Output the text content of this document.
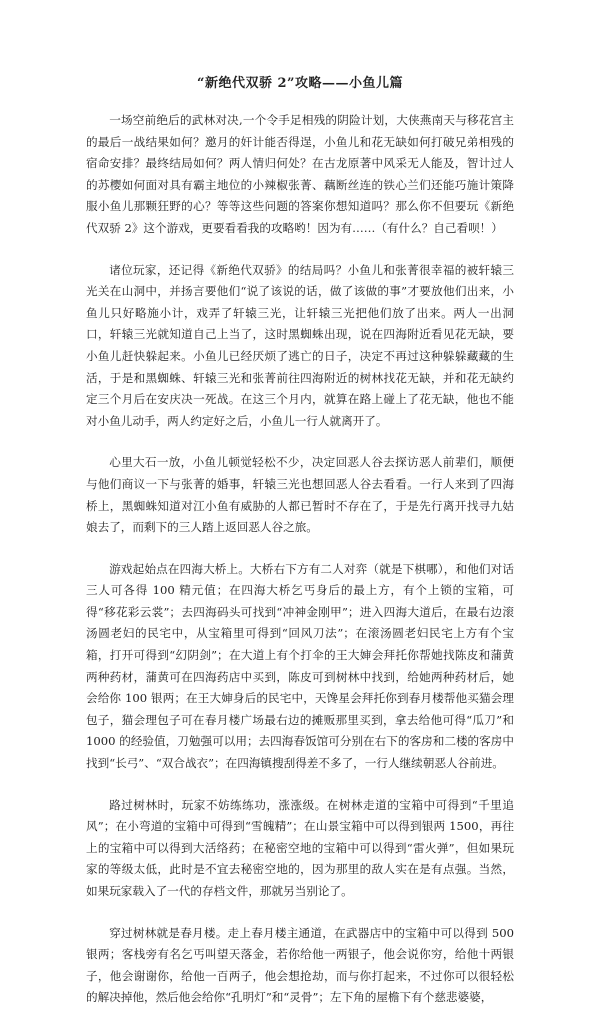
“新绝代双骄 2”攻略——小鱼儿篇

一场空前绝后的武林对决,一个令手足相残的阴险计划，大侠燕南天与移花宫主的最后一战结果如何？邀月的奸计能否得逞，小鱼儿和花无缺如何打破兄弟相残的宿命安排？最终结局如何？两人情归何处？在古龙原著中风采无人能及，智计过人的苏樱如何面对具有霸主地位的小辣椒张菁、藕断丝连的铁心兰们还能巧施计策降服小鱼儿那颗狂野的心？等等这些问题的答案你想知道吗？那么你不但要玩《新绝代双骄 2》这个游戏，更要看看我的攻略哟！因为有……（有什么？自己看呗！）

诸位玩家，还记得《新绝代双骄》的结局吗？小鱼儿和张菁很幸福的被轩辕三光关在山洞中，并扬言要他们“说了该说的话，做了该做的事”才要放他们出来，小鱼儿只好略施小计，戏弄了轩辕三光，让轩辕三光把他们放了出来。两人一出洞口，轩辕三光就知道自己上当了，这时黑蜘蛛出现，说在四海附近看见花无缺，要小鱼儿赶快躲起来。小鱼儿已经厌烦了逃亡的日子，决定不再过这种躲躲藏藏的生活，于是和黑蜘蛛、轩辕三光和张菁前往四海附近的树林找花无缺，并和花无缺约定三个月后在安庆决一死战。在这三个月内，就算在路上碰上了花无缺，他也不能对小鱼儿动手，两人约定好之后，小鱼儿一行人就离开了。

心里大石一放，小鱼儿顿觉轻松不少，决定回恶人谷去探访恶人前辈们，顺便与他们商议一下与张菁的婚事，轩辕三光也想回恶人谷去看看。一行人来到了四海桥上，黑蜘蛛知道对江小鱼有威胁的人都已暂时不存在了，于是先行离开找寻九姑娘去了，而剩下的三人踏上返回恶人谷之旅。

游戏起始点在四海大桥上。大桥右下方有二人对弈（就是下棋哪），和他们对话三人可各得 100 精元值；在四海大桥乞丐身后的最上方，有个上锁的宝箱，可得“移花彩云裳”；去四海码头可找到“冲神金刚甲”；进入四海大道后，在最右边滚汤圆老妇的民宅中，从宝箱里可得到“回风刀法”；在滚汤圆老妇民宅上方有个宝箱，打开可得到“幻阴剑”；在大道上有个打伞的王大婶会拜托你帮她找陈皮和蒲黄两种药材，蒲黄可在四海药店中买到，陈皮可到树林中找到，给她两种药材后，她会给你 100 银两；在王大婶身后的民宅中，天馋星会拜托你到春月楼帮他买猫会理包子，猫会理包子可在春月楼广场最右边的摊贩那里买到，拿去给他可得“瓜刀”和 1000 的经验值，刀勉强可以用；去四海春饭馆可分别在右下的客房和二楼的客房中找到“长弓”、“双合战衣”；在四海镇搜刮得差不多了，一行人继续朝恶人谷前进。

路过树林时，玩家不妨练练功，涨涨级。在树林走道的宝箱中可得到“千里追风”；在小弯道的宝箱中可得到“雪魄精”；在山景宝箱中可以得到银两 1500，再往上的宝箱中可以得到大活络药；在秘密空地的宝箱中可以得到“雷火弹”，但如果玩家的等级太低，此时是不宜去秘密空地的，因为那里的敌人实在是有点强。当然，如果玩家载入了一代的存档文件，那就另当别论了。

穿过树林就是春月楼。走上春月楼主通道，在武器店中的宝箱中可以得到 500 银两；客栈旁有名乞丐叫望天落金，若你给他一两银子，他会说你穷，给他十两银子，他会谢谢你，给他一百两子，他会想抢劫，而与你打起来，不过你可以很轻松的解决掉他，然后他会给你“孔明灯”和“灵骨”；左下角的屋檐下有个慈悲婆婆，
